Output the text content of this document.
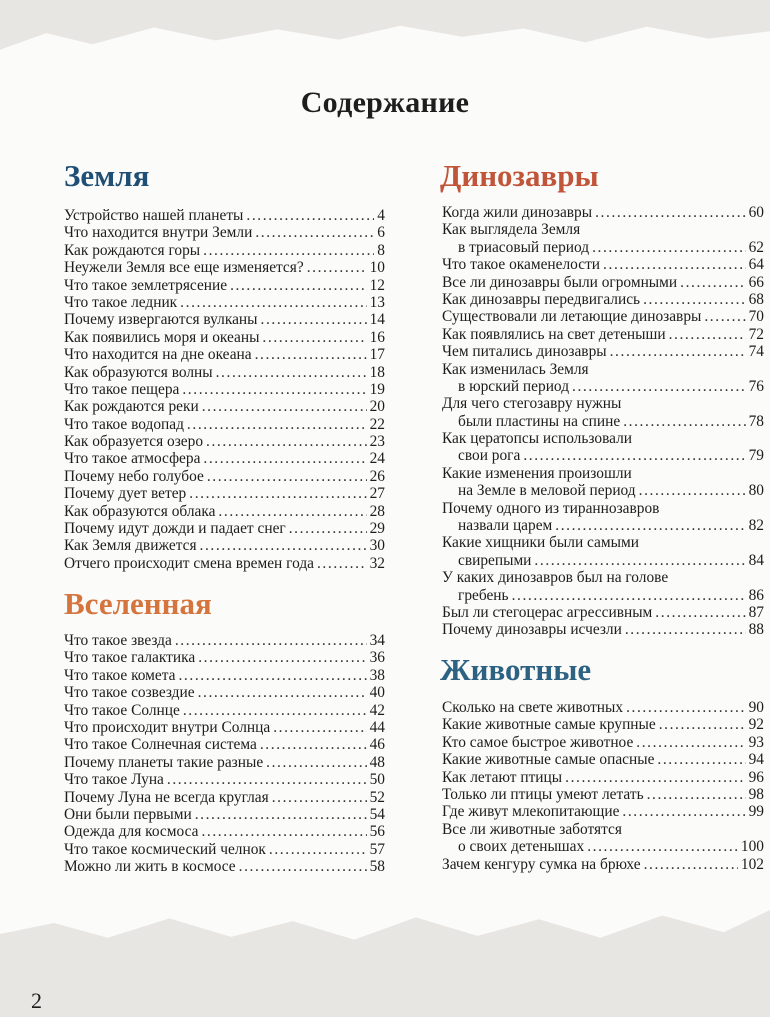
Содержание
Земля
Устройство нашей планеты .....	4
Что находится внутри Земли .....	6
Как рождаются горы .....	8
Неужели Земля все еще изменяется? .....	10
Что такое землетрясение .....	12
Что такое ледник .....	13
Почему извергаются вулканы .....	14
Как появились моря и океаны .....	16
Что находится на дне океана .....	17
Как образуются волны .....	18
Что такое пещера .....	19
Как рождаются реки .....	20
Что такое водопад .....	22
Как образуется озеро .....	23
Что такое атмосфера .....	24
Почему небо голубое .....	26
Почему дует ветер .....	27
Как образуются облака .....	28
Почему идут дожди и падает снег .....	29
Как Земля движется .....	30
Отчего происходит смена времен года .....	32
Вселенная
Что такое звезда .....	34
Что такое галактика .....	36
Что такое комета .....	38
Что такое созвездие .....	40
Что такое Солнце .....	42
Что происходит внутри Солнца .....	44
Что такое Солнечная система .....	46
Почему планеты такие разные .....	48
Что такое Луна .....	50
Почему Луна не всегда круглая .....	52
Они были первыми .....	54
Одежда для космоса .....	56
Что такое космический челнок .....	57
Можно ли жить в космосе .....	58
Динозавры
Когда жили динозавры .....	60
Как выглядела Земля
в триасовый период .....	62
Что такое окаменелости .....	64
Все ли динозавры были огромными .....	66
Как динозавры передвигались .....	68
Существовали ли летающие динозавры .....	70
Как появлялись на свет детеныши .....	72
Чем питались динозавры .....	74
Как изменилась Земля
в юрский период .....	76
Для чего стегозавру нужны
были пластины на спине .....	78
Как цератопсы использовали
свои рога .....	79
Какие изменения произошли
на Земле в меловой период .....	80
Почему одного из тираннозавров
назвали царем .....	82
Какие хищники были самыми
свирепыми .....	84
У каких динозавров был на голове
гребень .....	86
Был ли стегоцерас агрессивным .....	87
Почему динозавры исчезли .....	88
Животные
Сколько на свете животных .....	90
Какие животные самые крупные .....	92
Кто самое быстрое животное .....	93
Какие животные самые опасные .....	94
Как летают птицы .....	96
Только ли птицы умеют летать .....	98
Где живут млекопитающие .....	99
Все ли животные заботятся
о своих детенышах .....	100
Зачем кенгуру сумка на брюхе .....	102
2
